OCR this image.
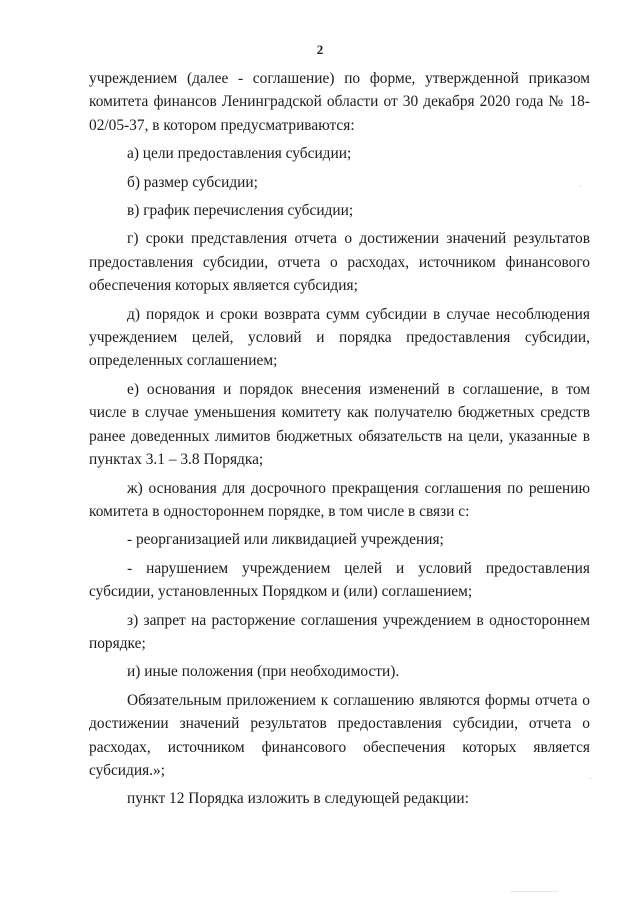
2

учреждением (далее - соглашение) по форме, утвержденной приказом комитета финансов Ленинградской области от 30 декабря 2020 года № 18-02/05-37, в котором предусматриваются:

а) цели предоставления субсидии;

б) размер субсидии;

в) график перечисления субсидии;

г) сроки представления отчета о достижении значений результатов предоставления субсидии, отчета о расходах, источником финансового обеспечения которых является субсидия;

д) порядок и сроки возврата сумм субсидии в случае несоблюдения учреждением целей, условий и порядка предоставления субсидии, определенных соглашением;

е) основания и порядок внесения изменений в соглашение, в том числе в случае уменьшения комитету как получателю бюджетных средств ранее доведенных лимитов бюджетных обязательств на цели, указанные в пунктах 3.1 – 3.8 Порядка;

ж) основания для досрочного прекращения соглашения по решению комитета в одностороннем порядке, в том числе в связи с:

- реорганизацией или ликвидацией учреждения;

- нарушением учреждением целей и условий предоставления субсидии, установленных Порядком и (или) соглашением;

з) запрет на расторжение соглашения учреждением в одностороннем порядке;

и) иные положения (при необходимости).

Обязательным приложением к соглашению являются формы отчета о достижении значений результатов предоставления субсидии, отчета о расходах, источником финансового обеспечения которых является субсидия.»;

пункт 12 Порядка изложить в следующей редакции:
